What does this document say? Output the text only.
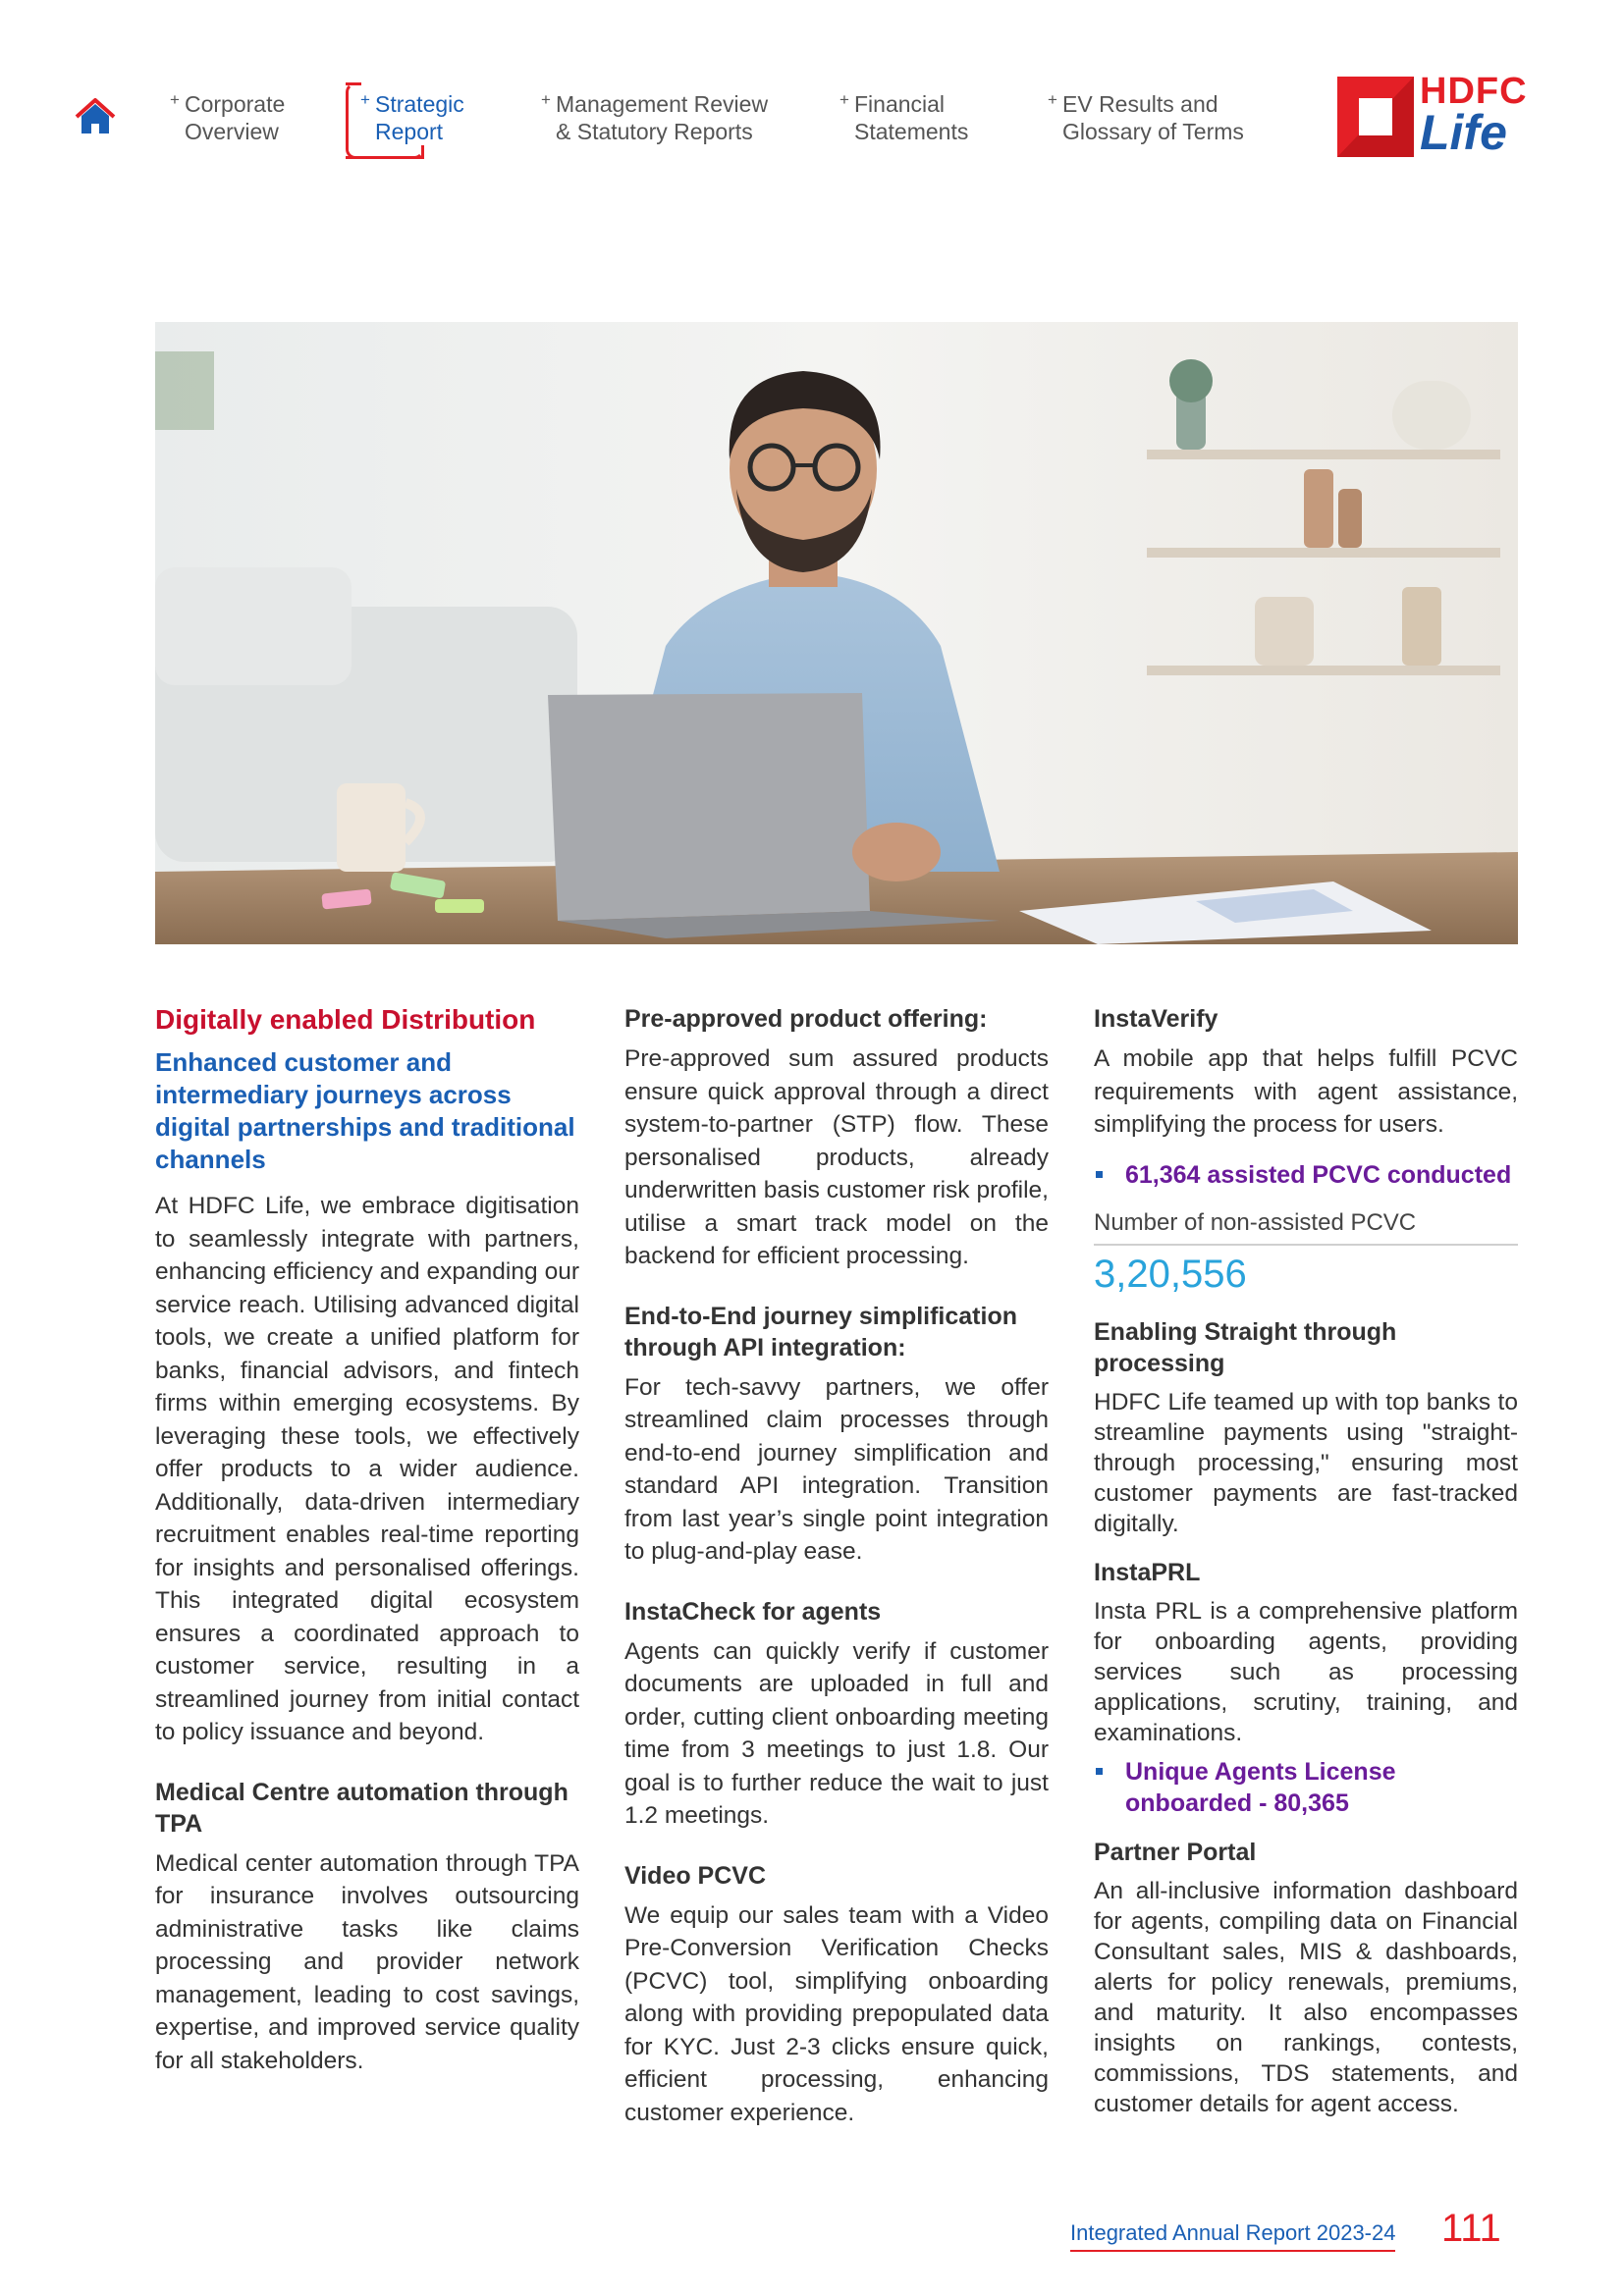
+ Corporate
Overview
+ Strategic
Report
+ Management Review
& Statutory Reports
+ Financial
Statements
+ EV Results and
Glossary of Terms
HDFC
Life
Digitally enabled Distribution
Enhanced customer and intermediary journeys across digital partnerships and traditional channels
At HDFC Life, we embrace digitisation to seamlessly integrate with partners, enhancing efficiency and expanding our service reach. Utilising advanced digital tools, we create a unified platform for banks, financial advisors, and fintech firms within emerging ecosystems. By leveraging these tools, we effectively offer products to a wider audience. Additionally, data-driven intermediary recruitment enables real-time reporting for insights and personalised offerings. This integrated digital ecosystem ensures a coordinated approach to customer service, resulting in a streamlined journey from initial contact to policy issuance and beyond.
Medical Centre automation through TPA
Medical center automation through TPA for insurance involves outsourcing administrative tasks like claims processing and provider network management, leading to cost savings, expertise, and improved service quality for all stakeholders.
Pre-approved product offering:
Pre-approved sum assured products ensure quick approval through a direct system-to-partner (STP) flow. These personalised products, already underwritten basis customer risk profile, utilise a smart track model on the backend for efficient processing.
End-to-End journey simplification through API integration:
For tech-savvy partners, we offer streamlined claim processes through end-to-end journey simplification and standard API integration. Transition from last year’s single point integration to plug-and-play ease.
InstaCheck for agents
Agents can quickly verify if customer documents are uploaded in full and order, cutting client onboarding meeting time from 3 meetings to just 1.8. Our goal is to further reduce the wait to just 1.2 meetings.
Video PCVC
We equip our sales team with a Video Pre-Conversion Verification Checks (PCVC) tool, simplifying onboarding along with providing prepopulated data for KYC. Just 2-3 clicks ensure quick, efficient processing, enhancing customer experience.
InstaVerify
A mobile app that helps fulfill PCVC requirements with agent assistance, simplifying the process for users.
61,364 assisted PCVC conducted
Number of non-assisted PCVC
3,20,556
Enabling Straight through processing
HDFC Life teamed up with top banks to streamline payments using "straight-through processing," ensuring most customer payments are fast-tracked digitally.
InstaPRL
Insta PRL is a comprehensive platform for onboarding agents, providing services such as processing applications, scrutiny, training, and examinations.
Unique Agents License onboarded - 80,365
Partner Portal
An all-inclusive information dashboard for agents, compiling data on Financial Consultant sales, MIS & dashboards, alerts for policy renewals, premiums, and maturity. It also encompasses insights on rankings, contests, commissions, TDS statements, and customer details for agent access.
Integrated Annual Report 2023-24 111
